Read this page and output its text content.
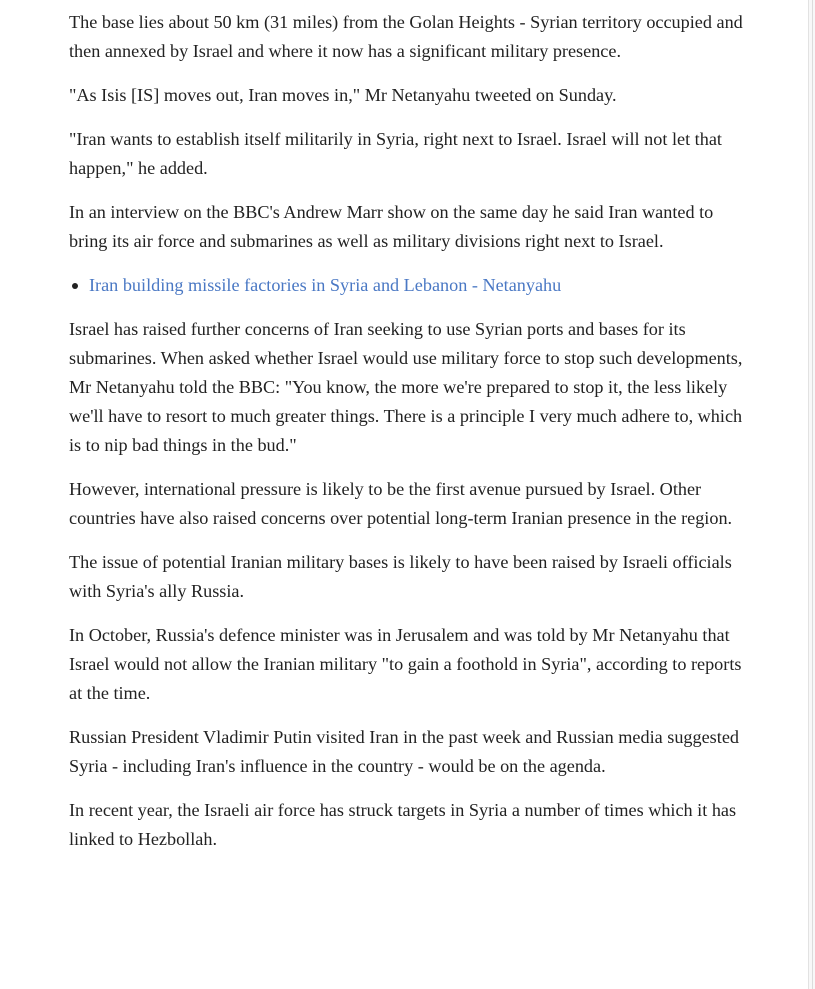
The base lies about 50 km (31 miles) from the Golan Heights - Syrian territory occupied and then annexed by Israel and where it now has a significant military presence.

"As Isis [IS] moves out, Iran moves in," Mr Netanyahu tweeted on Sunday.

"Iran wants to establish itself militarily in Syria, right next to Israel. Israel will not let that happen," he added.

In an interview on the BBC's Andrew Marr show on the same day he said Iran wanted to bring its air force and submarines as well as military divisions right next to Israel.

Iran building missile factories in Syria and Lebanon - Netanyahu

Israel has raised further concerns of Iran seeking to use Syrian ports and bases for its submarines. When asked whether Israel would use military force to stop such developments, Mr Netanyahu told the BBC: "You know, the more we're prepared to stop it, the less likely we'll have to resort to much greater things. There is a principle I very much adhere to, which is to nip bad things in the bud."

However, international pressure is likely to be the first avenue pursued by Israel. Other countries have also raised concerns over potential long-term Iranian presence in the region.

The issue of potential Iranian military bases is likely to have been raised by Israeli officials with Syria's ally Russia.

In October, Russia's defence minister was in Jerusalem and was told by Mr Netanyahu that Israel would not allow the Iranian military "to gain a foothold in Syria", according to reports at the time.

Russian President Vladimir Putin visited Iran in the past week and Russian media suggested Syria - including Iran's influence in the country - would be on the agenda.

In recent year, the Israeli air force has struck targets in Syria a number of times which it has linked to Hezbollah.
